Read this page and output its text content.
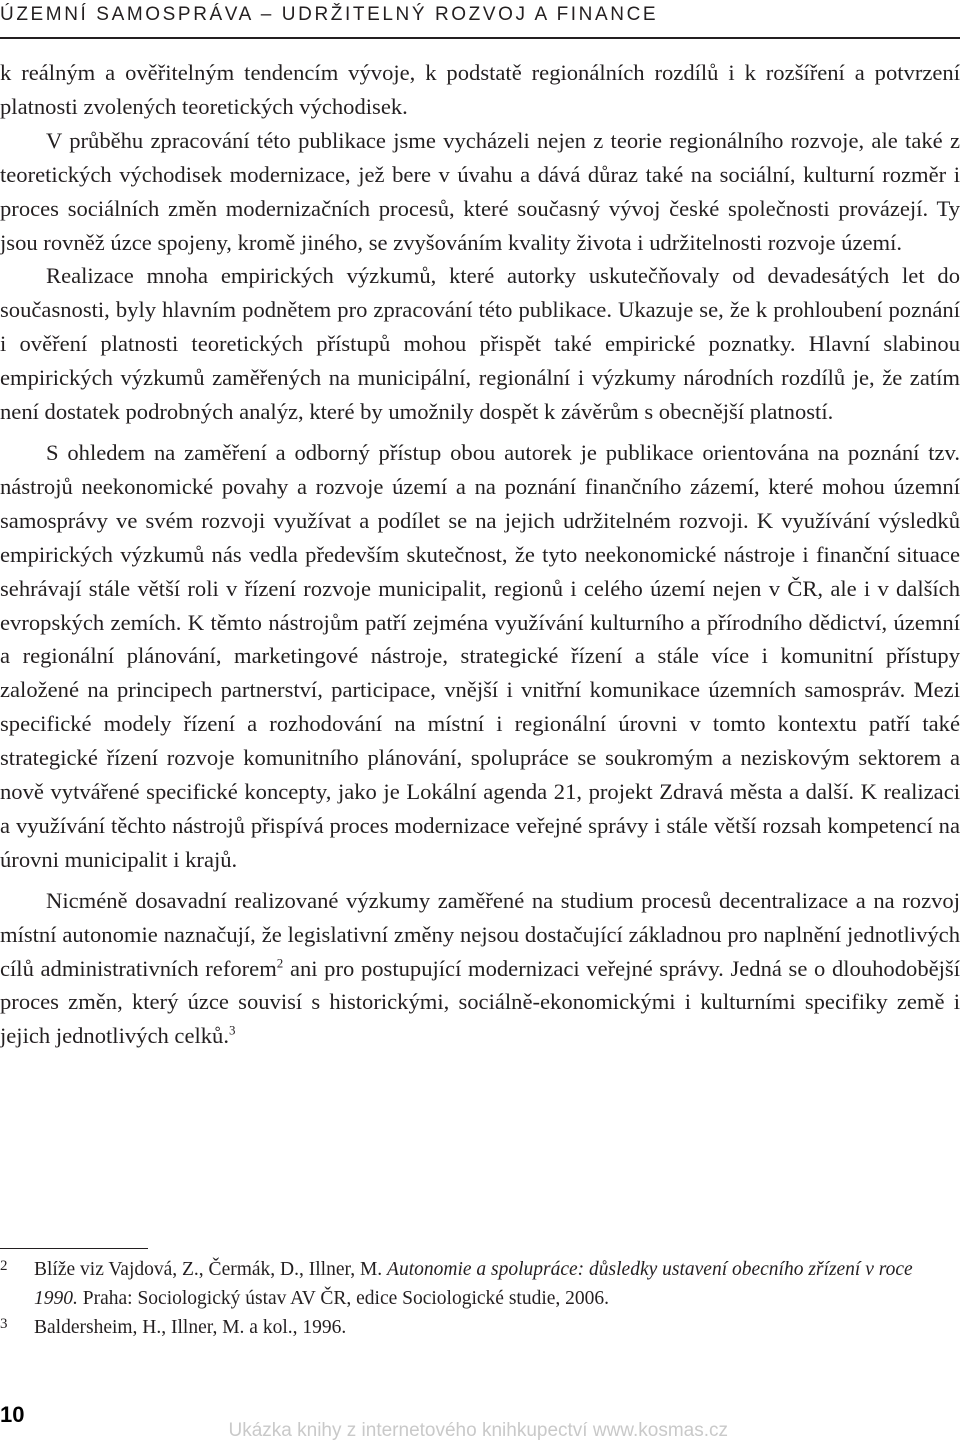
ÚZEMNÍ SAMOSPRÁVA – UDRŽITELNÝ ROZVOJ A FINANCE

k reálným a ověřitelným tendencím vývoje, k podstatě regionálních rozdílů i k rozšíření a potvrzení platnosti zvolených teoretických východisek.

V průběhu zpracování této publikace jsme vycházeli nejen z teorie regionálního rozvoje, ale také z teoretických východisek modernizace, jež bere v úvahu a dává důraz také na sociální, kulturní rozměr i proces sociálních změn modernizačních procesů, které současný vývoj české společnosti provázejí. Ty jsou rovněž úzce spojeny, kromě jiného, se zvyšováním kvality života i udržitelnosti rozvoje území.

Realizace mnoha empirických výzkumů, které autorky uskutečňovaly od devadesátých let do současnosti, byly hlavním podnětem pro zpracování této publikace. Ukazuje se, že k prohloubení poznání i ověření platnosti teoretických přístupů mohou přispět také empirické poznatky. Hlavní slabinou empirických výzkumů zaměřených na municipální, regionální i výzkumy národních rozdílů je, že zatím není dostatek podrobných analýz, které by umožnily dospět k závěrům s obecnější platností.

S ohledem na zaměření a odborný přístup obou autorek je publikace orientována na poznání tzv. nástrojů neekonomické povahy a rozvoje území a na poznání finančního zázemí, které mohou územní samosprávy ve svém rozvoji využívat a podílet se na jejich udržitelném rozvoji. K využívání výsledků empirických výzkumů nás vedla především skutečnost, že tyto neekonomické nástroje i finanční situace sehrávají stále větší roli v řízení rozvoje municipalit, regionů i celého území nejen v ČR, ale i v dalších evropských zemích. K těmto nástrojům patří zejména využívání kulturního a přírodního dědictví, územní a regionální plánování, marketingové nástroje, strategické řízení a stále více i komunitní přístupy založené na principech partnerství, participace, vnější i vnitřní komunikace územních samospráv. Mezi specifické modely řízení a rozhodování na místní i regionální úrovni v tomto kontextu patří také strategické řízení rozvoje komunitního plánování, spolupráce se soukromým a neziskovým sektorem a nově vytvářené specifické koncepty, jako je Lokální agenda 21, projekt Zdravá města a další. K realizaci a využívání těchto nástrojů přispívá proces modernizace veřejné správy i stále větší rozsah kompetencí na úrovni municipalit i krajů.

Nicméně dosavadní realizované výzkumy zaměřené na studium procesů decentralizace a na rozvoj místní autonomie naznačují, že legislativní změny nejsou dostačující základnou pro naplnění jednotlivých cílů administrativních reforem$^2$ ani pro postupující modernizaci veřejné správy. Jedná se o dlouhodobější proces změn, který úzce souvisí s historickými, sociálně-ekonomickými i kulturními specifiky země i jejich jednotlivých celků.$^3$

2	Blíže viz Vajdová, Z., Čermák, D., Illner, M. Autonomie a spolupráce: důsledky ustavení obecního zřízení v roce 1990. Praha: Sociologický ústav AV ČR, edice Sociologické studie, 2006.
3	Baldersheim, H., Illner, M. a kol., 1996.
10
Ukázka knihy z internetového knihkupectví www.kosmas.cz
